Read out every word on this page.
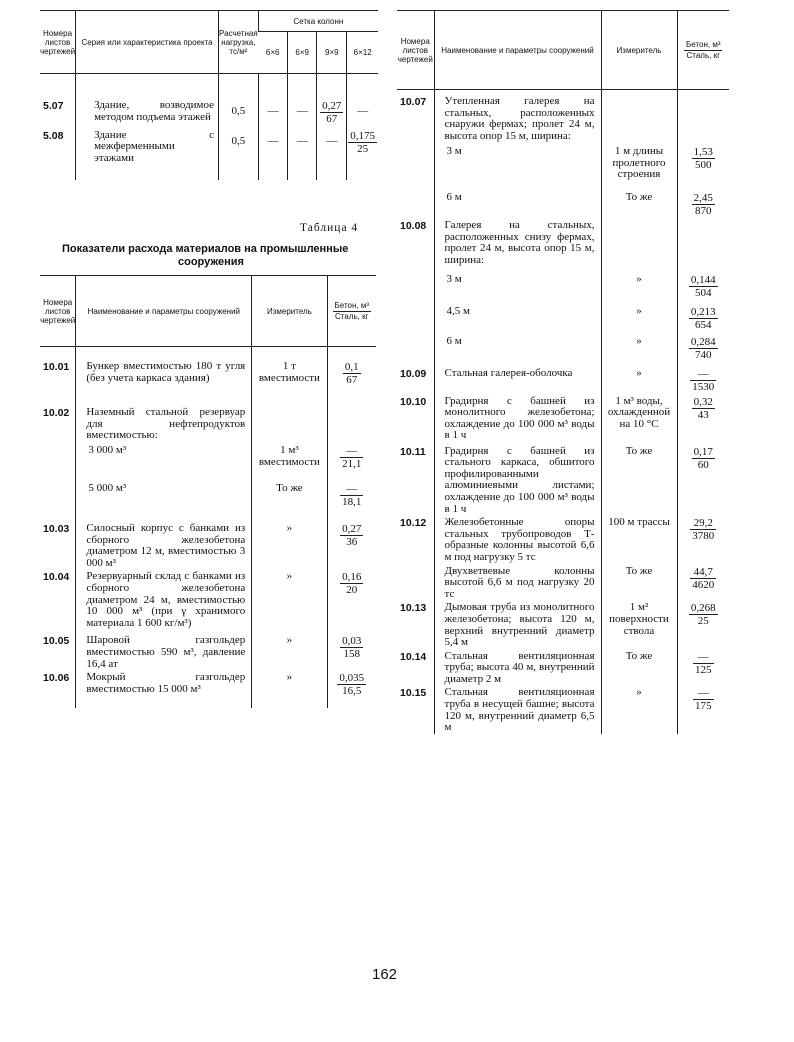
Номера листов чертежей	Серия или характеристика проекта	Расчетная нагрузка, тс/м²	Сетка колонн			
			6×6	6×9	9×9	6×12
5.07	Здание, возводимое методом подъема этажей	0,5	—	—	$\frac{0,27}{67}$	—
5.08	Здание с межферменными этажами	0,5	—	—	—	$\frac{0,175}{25}$
Таблица 4
Показатели расхода материалов на промышленные
сооружения
Номера листов чертежей	Наименование и параметры сооружений	Измеритель	$\frac{\text{Бетон, м³}}{\text{Сталь, кг}}$

10.01	Бункер вместимостью 180 т угля (без учета каркаса здания)	1 т вместимости	$\frac{0,1}{67}$

10.02	Наземный стальной резервуар для нефтепродуктов вместимостью:		
	3 000 м³	1 м³ вместимости	$\frac{—}{21,1}$

	5 000 м³	То же	$\frac{—}{18,1}$

10.03	Силосный корпус с банками из сборного железобетона диаметром 12 м, вместимостью 3 000 м³	»	$\frac{0,27}{36}$

10.04	Резервуарный склад с банками из сборного железобетона диаметром 24 м, вместимостью 10 000 м³ (при γ хранимого материала 1 600 кг/м³)	»	$\frac{0,16}{20}$

10.05	Шаровой газгольдер вместимостью 590 м³, давление 16,4 ат	»	$\frac{0,03}{158}$

10.06	Мокрый газгольдер вместимостью 15 000 м³	»	$\frac{0,035}{16,5}$
Номера листов чертежей	Наименование и параметры сооружений	Измеритель	$\frac{\text{Бетон, м³}}{\text{Сталь, кг}}$

10.07	Утепленная галерея на стальных, расположенных снаружи фермах; пролет 24 м, высота опор 15 м, ширина:		
	3 м	1 м длины пролетного строения	$\frac{1,53}{500}$

	6 м	То же	$\frac{2,45}{870}$

10.08	Галерея на стальных, расположенных снизу фермах, пролет 24 м, высота опор 15 м, ширина:		
	3 м	»	$\frac{0,144}{504}$

	4,5 м	»	$\frac{0,213}{654}$

	6 м	»	$\frac{0,284}{740}$

10.09	Стальная галерея-оболочка	»	$\frac{—}{1530}$

10.10	Градирня с башней из монолитного железобетона; охлаждение до 100 000 м³ воды в 1 ч	1 м³ воды, охлажденной на 10 °С	$\frac{0,32}{43}$

10.11	Градирня с башней из стального каркаса, обшитого профилированными алюминиевыми листами; охлаждение до 100 000 м³ воды в 1 ч	То же	$\frac{0,17}{60}$

10.12	Железобетонные опоры стальных трубопроводов Т-образные колонны высотой 6,6 м под нагрузку 5 тс	100 м трассы	$\frac{29,2}{3780}$

	Двухветвевые колонны высотой 6,6 м под нагрузку 20 тс	То же	$\frac{44,7}{4620}$

10.13	Дымовая труба из монолитного железобетона; высота 120 м, верхний внутренний диаметр 5,4 м	1 м² поверхности ствола	$\frac{0,268}{25}$

10.14	Стальная вентиляционная труба; высота 40 м, внутренний диаметр 2 м	То же	$\frac{—}{125}$

10.15	Стальная вентиляционная труба в несущей башне; высота 120 м, внутренний диаметр 6,5 м	»	$\frac{—}{175}$
162
